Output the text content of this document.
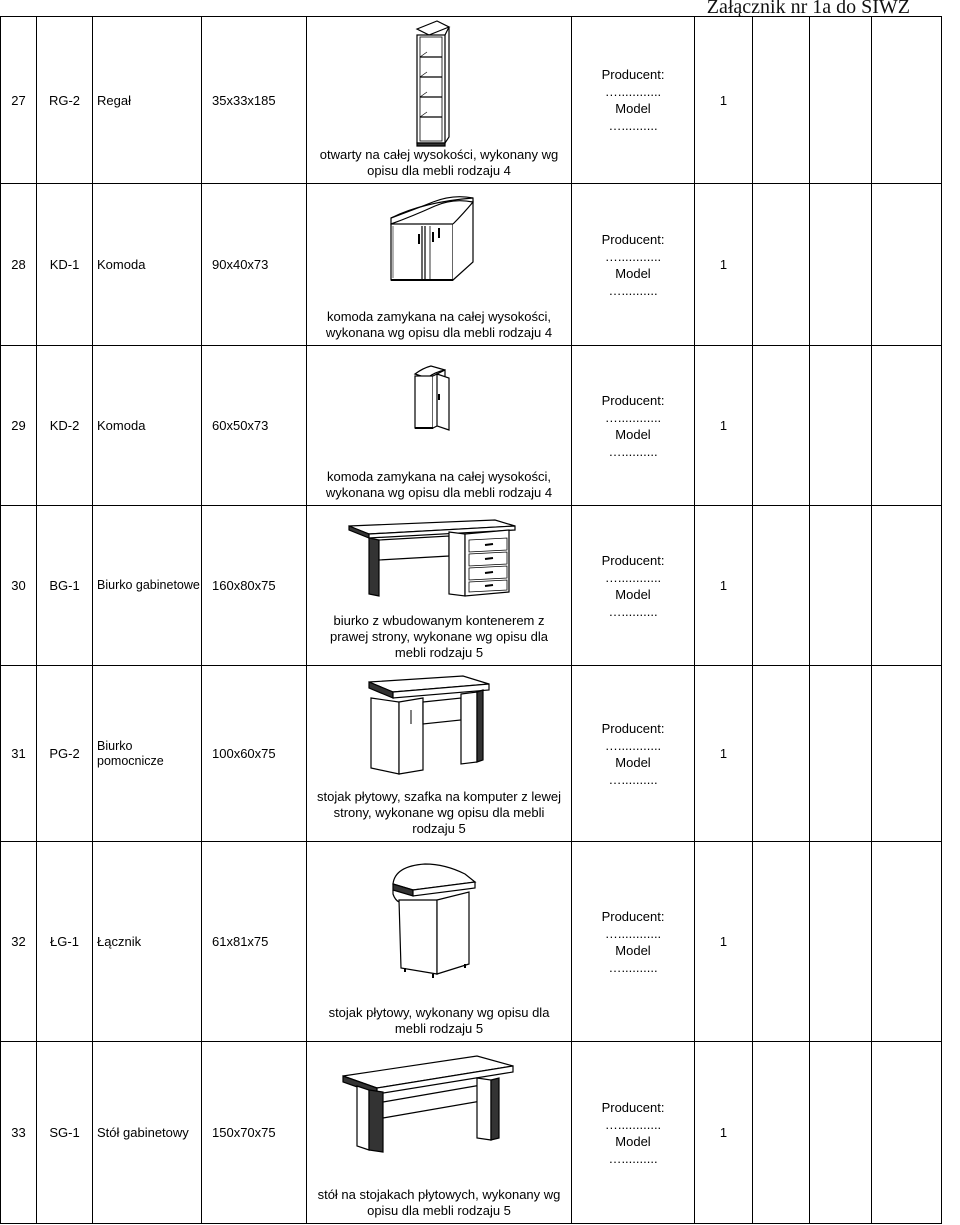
Załącznik nr 1a do SIWZ
27	RG-2	Regał	35x33x185	otwarty na całej wysokości, wykonany wg opisu dla mebli rodzaju 4	Producent:
…............
Model
…..........	1			
28	KD-1	Komoda	90x40x73	komoda zamykana na całej wysokości, wykonana wg opisu dla mebli rodzaju 4	Producent:
…............
Model
…..........	1			
29	KD-2	Komoda	60x50x73	komoda zamykana na całej wysokości, wykonana wg opisu dla mebli rodzaju 4	Producent:
…............
Model
…..........	1			
30	BG-1	Biurko gabinetowe	160x80x75	biurko z wbudowanym kontenerem z prawej strony, wykonane wg opisu dla mebli rodzaju 5	Producent:
…............
Model
…..........	1			
31	PG-2	Biurko pomocnicze	100x60x75	stojak płytowy, szafka na komputer z lewej strony, wykonane wg opisu dla mebli rodzaju 5	Producent:
…............
Model
…..........	1			
32	ŁG-1	Łącznik	61x81x75	stojak płytowy, wykonany wg opisu dla mebli rodzaju 5	Producent:
…............
Model
…..........	1			
33	SG-1	Stół gabinetowy	150x70x75	stół na stojakach płytowych, wykonany wg opisu dla mebli rodzaju 5	Producent:
…............
Model
…..........	1			
